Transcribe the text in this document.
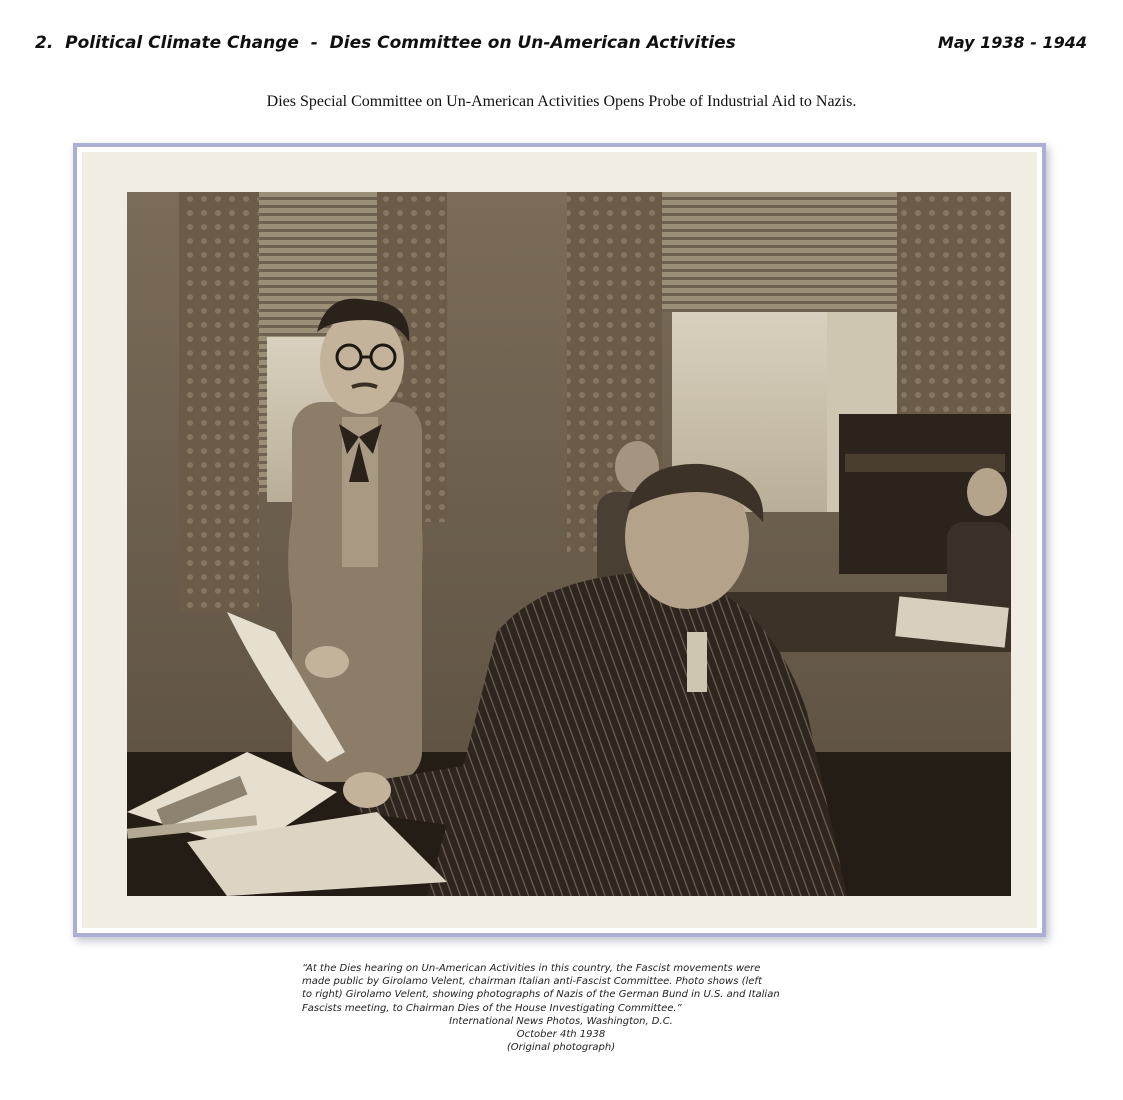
2.  Political Climate Change  -  Dies Committee on Un-American Activities	May 1938 - 1944
Dies Special Committee on Un-American Activities Opens Probe of Industrial Aid to Nazis.
“At the Dies hearing on Un-American Activities in this country, the Fascist movements were
made public by Girolamo Velent, chairman Italian anti-Fascist Committee. Photo shows (left
to right) Girolamo Velent, showing photographs of Nazis of the German Bund in U.S. and Italian
Fascists meeting, to Chairman Dies of the House Investigating Committee.”
International News Photos, Washington, D.C.
October 4th 1938
(Original photograph)
